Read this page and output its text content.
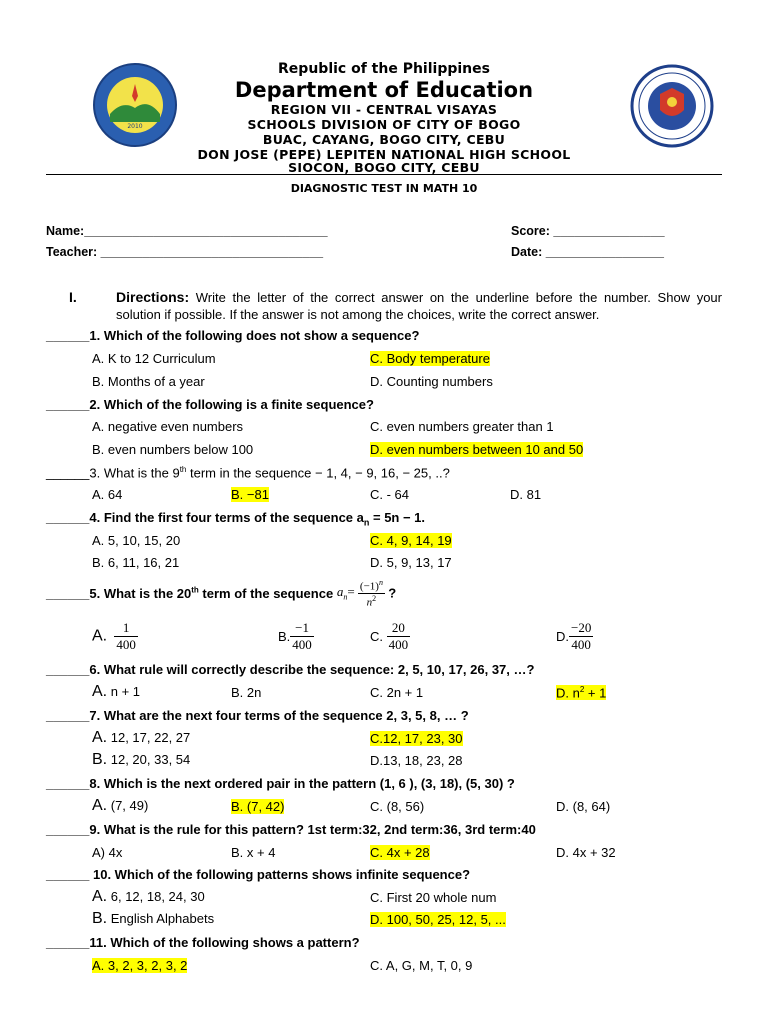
2010
Republic of the Philippines
Department of Education
REGION VII - CENTRAL VISAYAS
SCHOOLS DIVISION OF CITY OF BOGO
BUAC, CAYANG, BOGO CITY, CEBU
DON JOSE (PEPE) LEPITEN NATIONAL HIGH SCHOOL
SIOCON, BOGO CITY, CEBU
DIAGNOSTIC TEST IN MATH 10
Name:___________________________________	Score: ________________
Teacher: ________________________________	Date: _________________
I.	Directions: Write the letter of the correct answer on the underline before the number. Show your solution if possible. If the answer is not among the choices, write the correct answer.
______1. Which of the following does not show a sequence?
A. K to 12 Curriculum	C. Body temperature
B. Months of a year	D. Counting numbers
______2. Which of the following is a finite sequence?
A. negative even numbers	C. even numbers greater than 1
B. even numbers below 100	D. even numbers between 10 and 50
______3. What is the 9th term in the sequence − 1, 4, − 9, 16, − 25, ..?
A. 64	B. −81	C. - 64	D. 81
______4. Find the first four terms of the sequence $a_n = 5n - 1$.
A. 5, 10, 15, 20	C. 4, 9, 14, 19
B. 6, 11, 16, 21	D. 5, 9, 13, 17
______5. What is the 20th term of the sequence $a_n= \frac{(-1)^n}{n^2}$ ?
A. $\frac{1}{400}$	B. $\frac{-1}{400}$	C. $\frac{20}{400}$	D. $\frac{-20}{400}$
______6. What rule will correctly describe the sequence: 2, 5, 10, 17, 26, 37, …?
A. n + 1	B. 2n	C. 2n + 1	D. $n^2 + 1$
______7. What are the next four terms of the sequence 2, 3, 5, 8, … ?
A. 12, 17, 22, 27	C.12, 17, 23, 30
B. 12, 20, 33, 54	D.13, 18, 23, 28
______8. Which is the next ordered pair in the pattern (1, 6 ), (3, 18), (5, 30) ?
A. (7, 49)	B. (7, 42)	C. (8, 56)	D. (8, 64)
______9. What is the rule for this pattern? 1st term:32, 2nd term:36, 3rd term:40
A) 4x	B. x + 4	C. 4x + 28	D. 4x + 32
______ 10. Which of the following patterns shows infinite sequence?
A. 6, 12, 18, 24, 30	C. First 20 whole num
B. English Alphabets	D. 100, 50, 25, 12, 5, ...
______11. Which of the following shows a pattern?
A. 3, 2, 3, 2, 3, 2	C. A, G, M, T, 0, 9
